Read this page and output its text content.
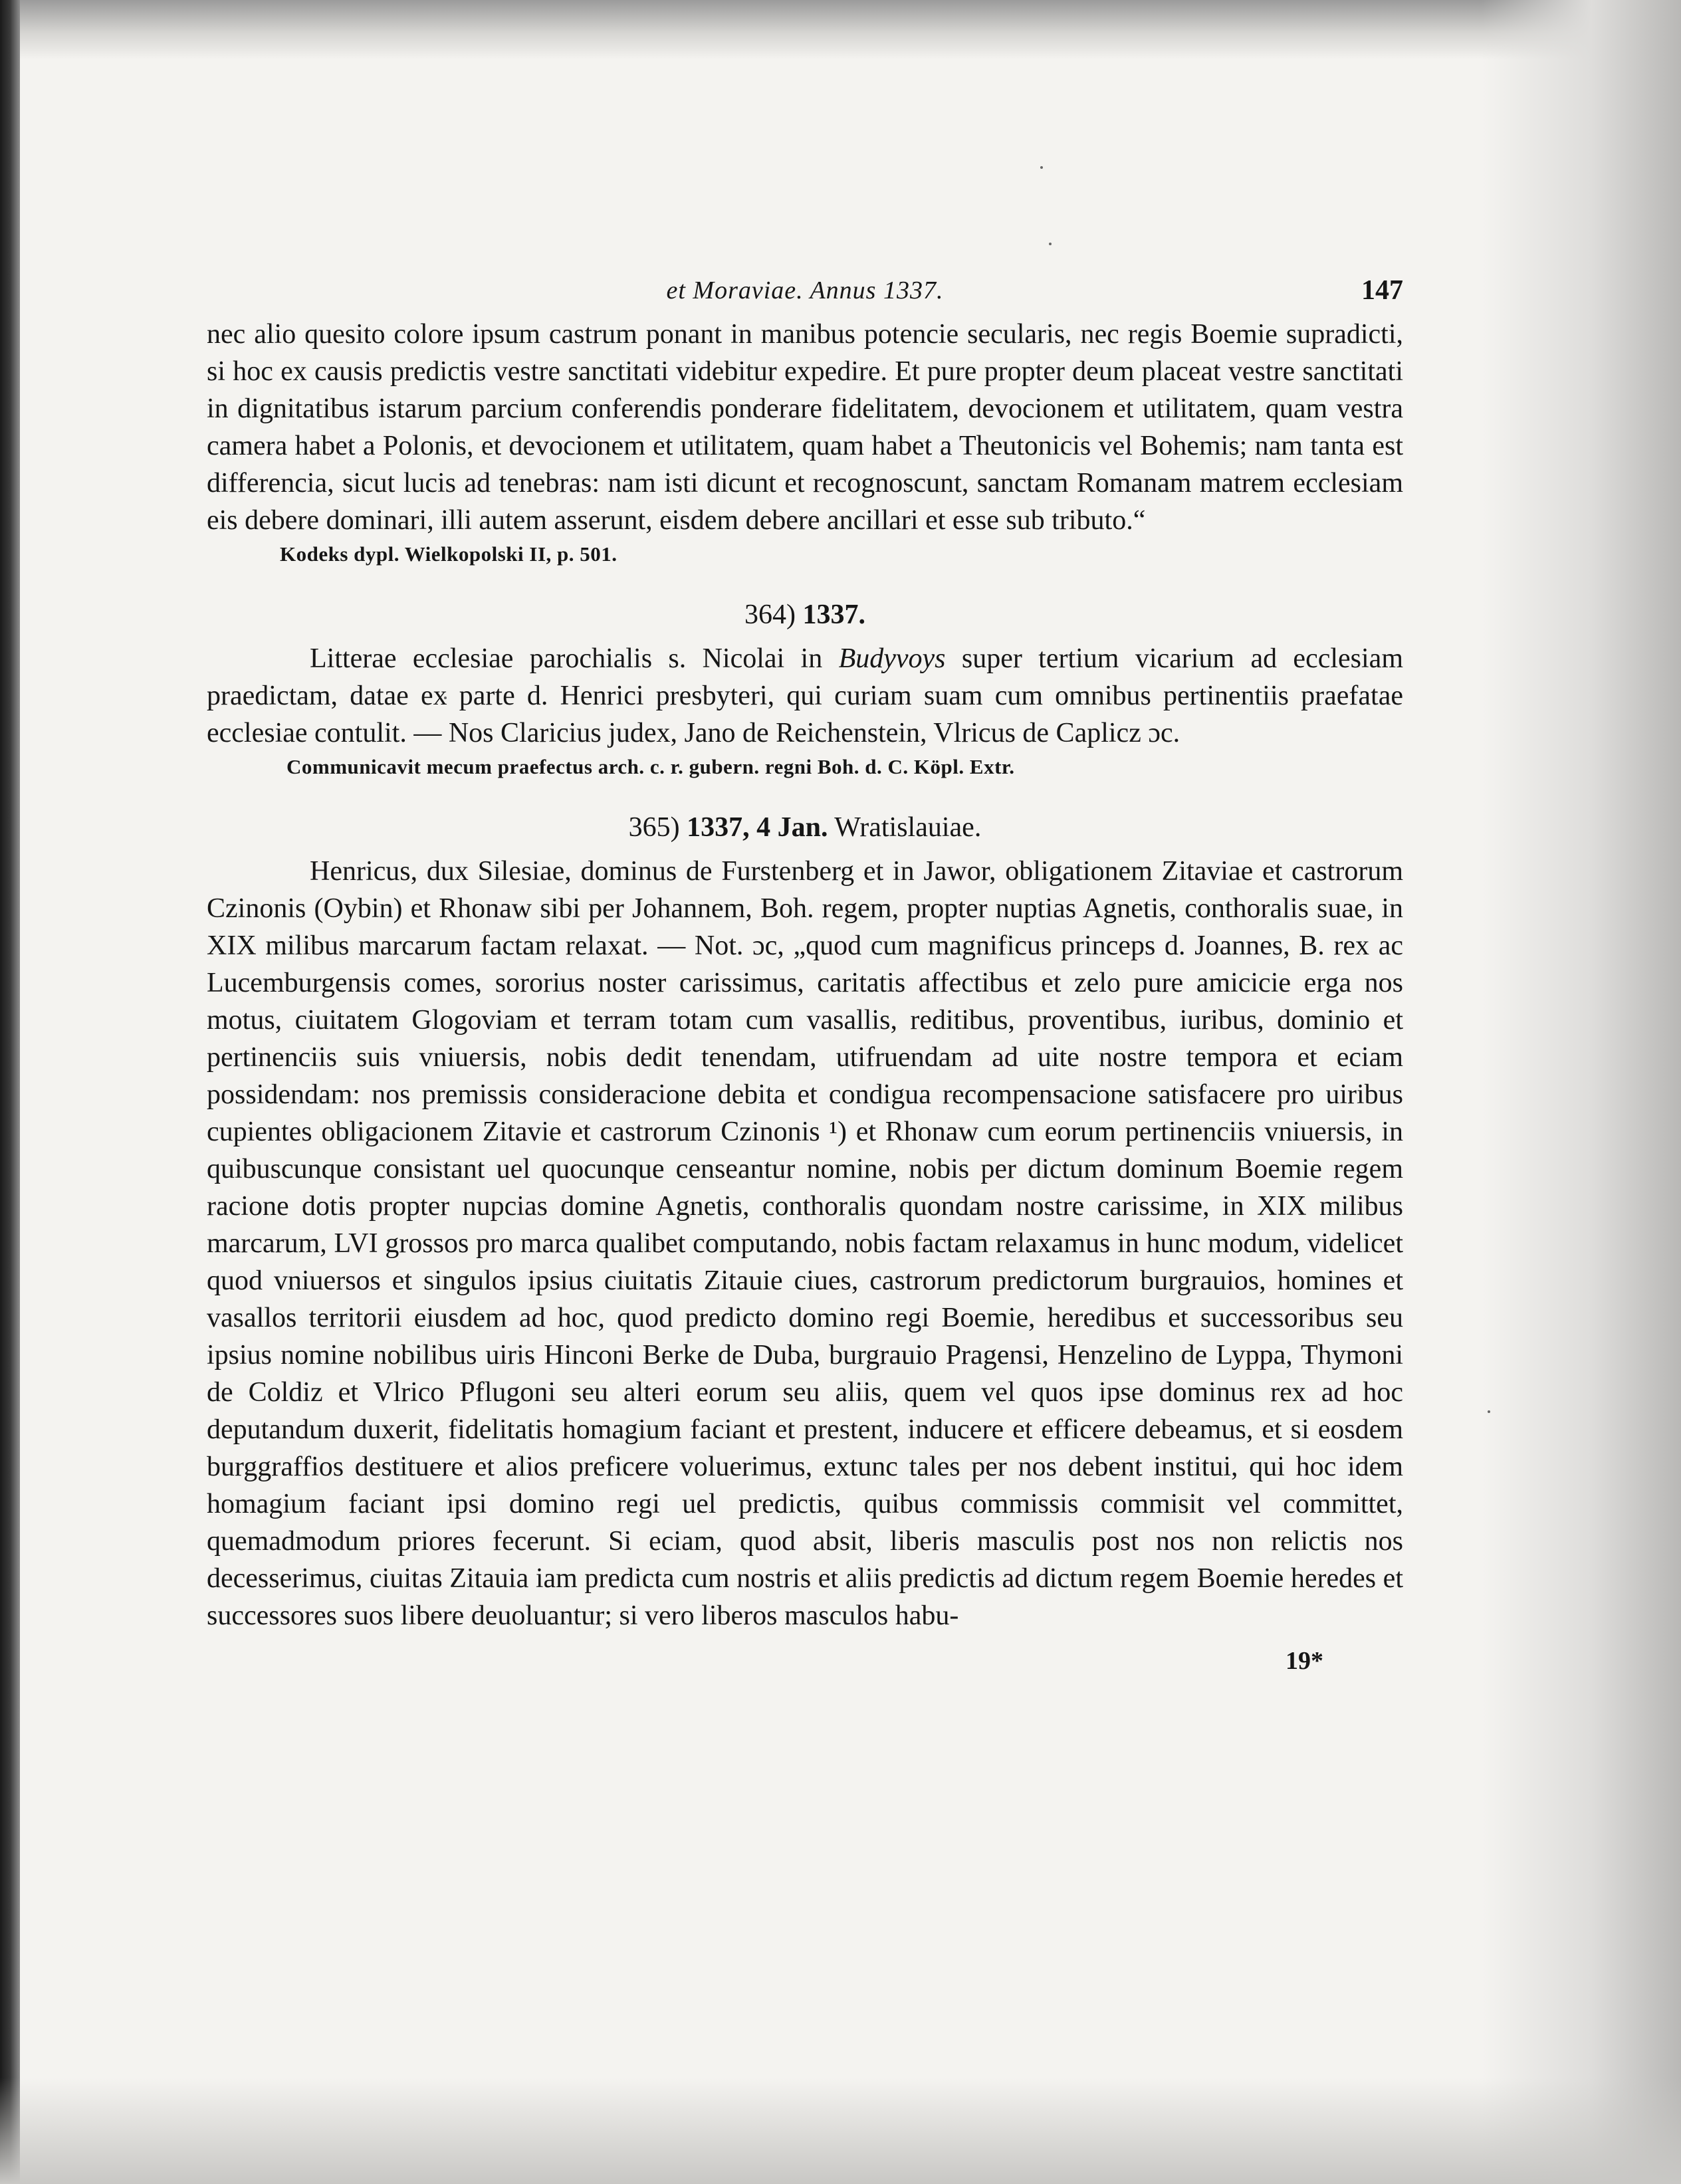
et Moraviae. Annus 1337.	147

nec alio quesito colore ipsum castrum ponant in manibus potencie secularis, nec regis Boemie supradicti, si hoc ex causis predictis vestre sanctitati videbitur expedire. Et pure propter deum placeat vestre sanctitati in dignitatibus istarum parcium conferendis ponderare fidelitatem, devocionem et utilitatem, quam vestra camera habet a Polonis, et devocionem et utilitatem, quam habet a Theutonicis vel Bohemis; nam tanta est differencia, sicut lucis ad tenebras: nam isti dicunt et recognoscunt, sanctam Romanam matrem ecclesiam eis debere dominari, illi autem asserunt, eisdem debere ancillari et esse sub tributo.“

Kodeks dypl. Wielkopolski II, p. 501.
364) 1337.

Litterae ecclesiae parochialis s. Nicolai in Budyvoys super tertium vicarium ad ecclesiam praedictam, datae ex parte d. Henrici presbyteri, qui curiam suam cum omnibus pertinentiis praefatae ecclesiae contulit. — Nos Claricius judex, Jano de Reichenstein, Vlricus de Caplicz ɔc.

Communicavit mecum praefectus arch. c. r. gubern. regni Boh. d. C. Köpl. Extr.
365) 1337, 4 Jan. Wratislauiae.

Henricus, dux Silesiae, dominus de Furstenberg et in Jawor, obligationem Zitaviae et castrorum Czinonis (Oybin) et Rhonaw sibi per Johannem, Boh. regem, propter nuptias Agnetis, conthoralis suae, in XIX milibus marcarum factam relaxat. — Not. ɔc, „quod cum magnificus princeps d. Joannes, B. rex ac Lucemburgensis comes, sororius noster carissimus, caritatis affectibus et zelo pure amicicie erga nos motus, ciuitatem Glogoviam et terram totam cum vasallis, reditibus, proventibus, iuribus, dominio et pertinenciis suis vniuersis, nobis dedit tenendam, utifruendam ad uite nostre tempora et eciam possidendam: nos premissis consideracione debita et condigua recompensacione satisfacere pro uiribus cupientes obligacionem Zitavie et castrorum Czinonis ¹) et Rhonaw cum eorum pertinenciis vniuersis, in quibuscunque consistant uel quocunque censeantur nomine, nobis per dictum dominum Boemie regem racione dotis propter nupcias domine Agnetis, conthoralis quondam nostre carissime, in XIX milibus marcarum, LVI grossos pro marca qualibet computando, nobis factam relaxamus in hunc modum, videlicet quod vniuersos et singulos ipsius ciuitatis Zitauie ciues, castrorum predictorum burgrauios, homines et vasallos territorii eiusdem ad hoc, quod predicto domino regi Boemie, heredibus et successoribus seu ipsius nomine nobilibus uiris Hinconi Berke de Duba, burgrauio Pragensi, Henzelino de Lyppa, Thymoni de Coldiz et Vlrico Pflugoni seu alteri eorum seu aliis, quem vel quos ipse dominus rex ad hoc deputandum duxerit, fidelitatis homagium faciant et prestent, inducere et efficere debeamus, et si eosdem burggraffios destituere et alios preficere voluerimus, extunc tales per nos debent institui, qui hoc idem homagium faciant ipsi domino regi uel predictis, quibus commissis commisit vel committet, quemadmodum priores fecerunt. Si eciam, quod absit, liberis masculis post nos non relictis nos decesserimus, ciuitas Zitauia iam predicta cum nostris et aliis predictis ad dictum regem Boemie heredes et successores suos libere deuoluantur; si vero liberos masculos habu-

19*
